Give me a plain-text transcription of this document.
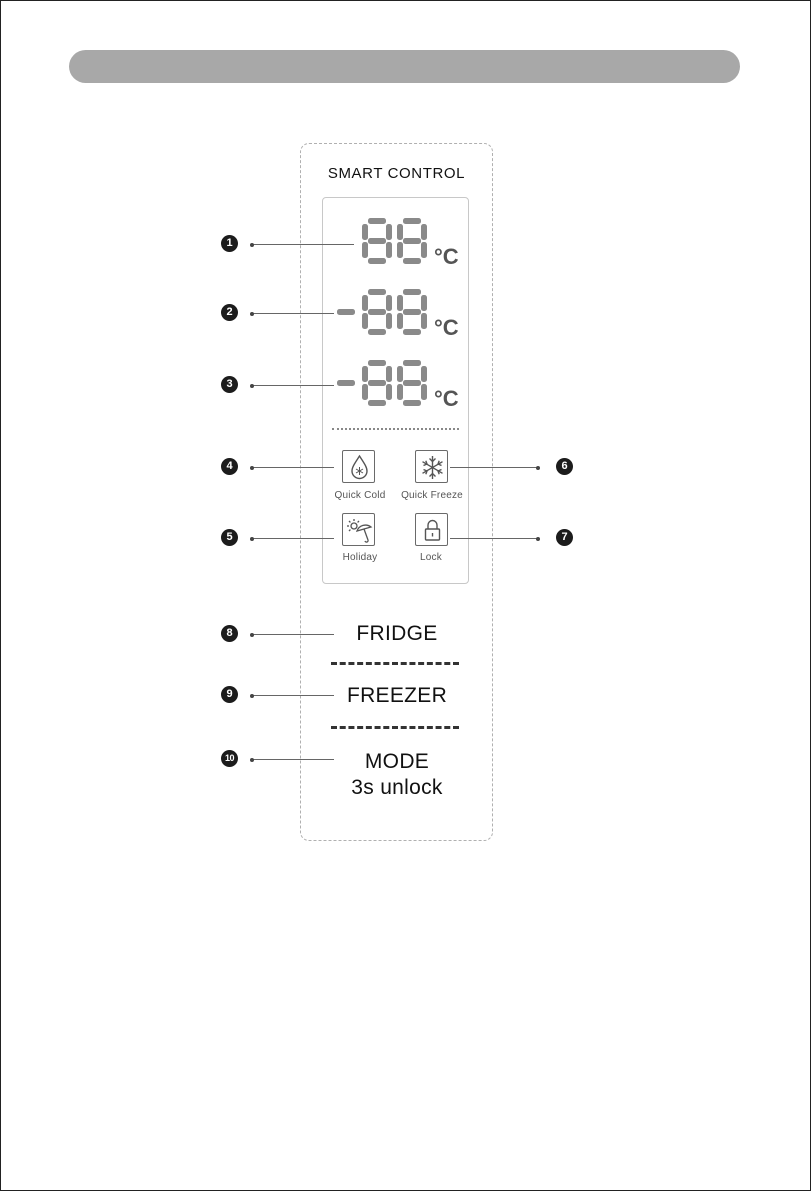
SMART CONTROL
°C
°C
°C
Quick Cold	Quick Freeze
Holiday	Lock
FRIDGE
FREEZER
MODE
3s unlock
1
2
3
4
5
6
7
8
9
10
